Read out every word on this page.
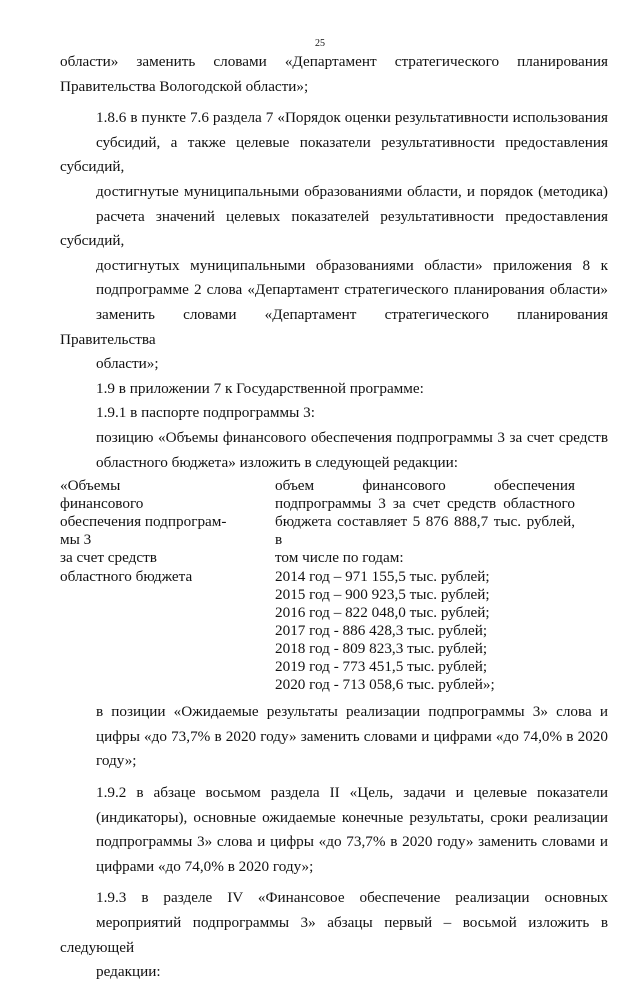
25

области» заменить словами «Департамент стратегического планирования
Правительства Вологодской области»;

1.8.6 в пункте 7.6 раздела 7 «Порядок оценки результативности использования
субсидий, а также целевые показатели результативности предоставления субсидий,
достигнутые муниципальными образованиями области, и порядок (методика)
расчета значений целевых показателей результативности предоставления субсидий,
достигнутых муниципальными образованиями области» приложения 8 к
подпрограмме 2 слова «Департамент стратегического планирования области»
заменить словами «Департамент стратегического планирования Правительства
области»;

1.9 в приложении 7 к Государственной программе:

1.9.1 в паспорте подпрограммы 3:

позицию «Объемы финансового обеспечения подпрограммы 3 за счет средств
областного бюджета» изложить в следующей редакции:

«Объемы
финансового
обеспечения подпрограм-
мы 3
за счет средств
областного бюджета
объем финансового обеспечения
подпрограммы 3 за счет средств областного
бюджета составляет 5 876 888,7 тыс. рублей, в
том числе по годам:
2014 год – 971 155,5 тыс. рублей;
2015 год – 900 923,5 тыс. рублей;
2016 год – 822 048,0 тыс. рублей;
2017 год - 886 428,3 тыс. рублей;
2018 год - 809 823,3 тыс. рублей;
2019 год - 773 451,5 тыс. рублей;
2020 год - 713 058,6 тыс. рублей»;

в позиции «Ожидаемые результаты реализации подпрограммы 3» слова и
цифры «до 73,7% в 2020 году» заменить словами и цифрами «до 74,0% в 2020
году»;

1.9.2 в абзаце восьмом раздела II «Цель, задачи и целевые показатели
(индикаторы), основные ожидаемые конечные результаты, сроки реализации
подпрограммы 3» слова и цифры «до 73,7% в 2020 году» заменить словами и
цифрами «до 74,0% в 2020 году»;

1.9.3 в разделе IV «Финансовое обеспечение реализации основных
мероприятий подпрограммы 3» абзацы первый – восьмой изложить в следующей
редакции:
